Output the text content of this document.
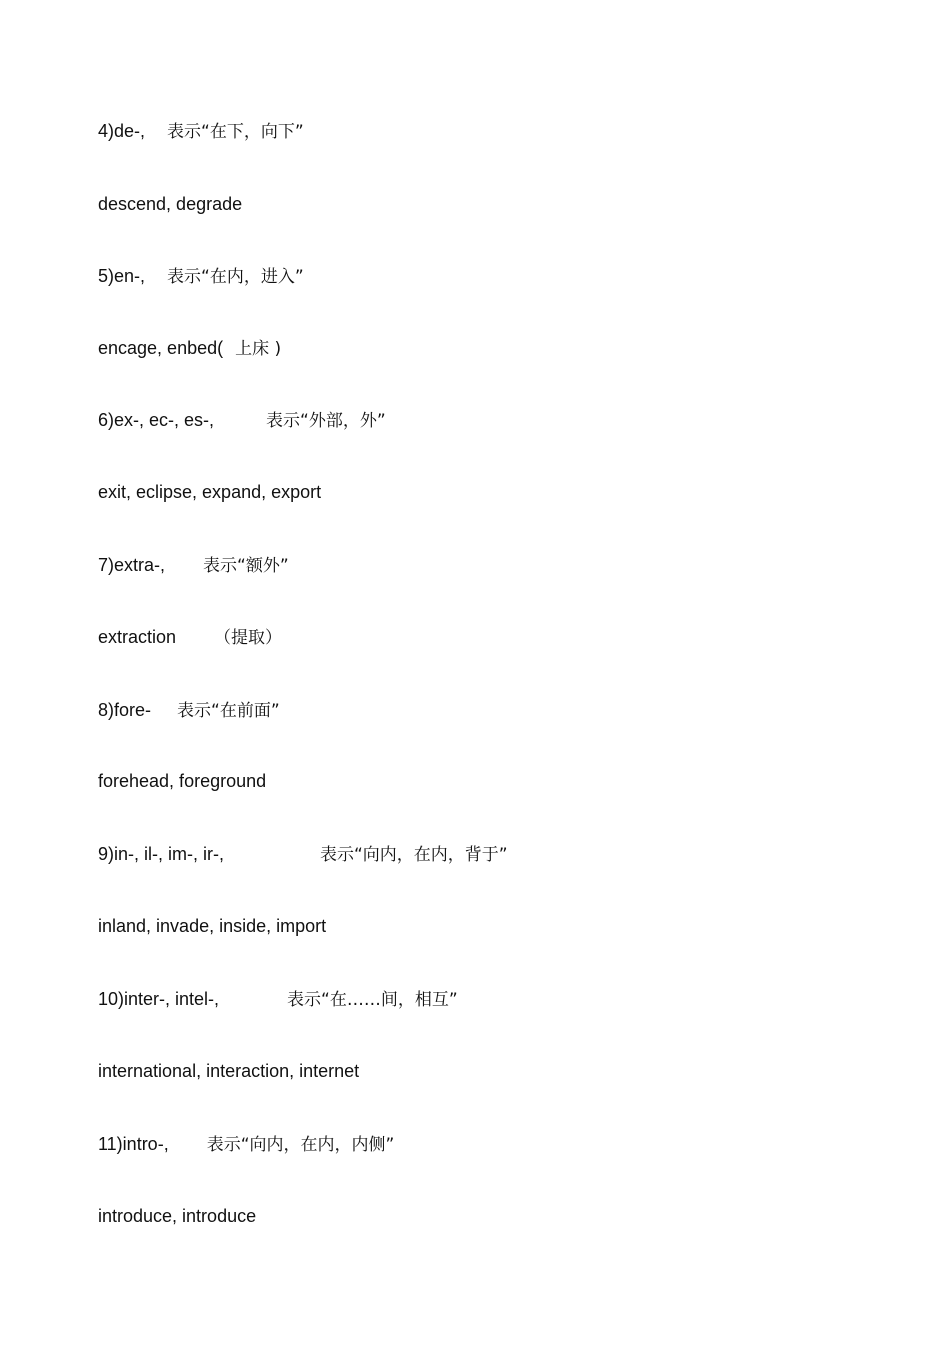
4)de-, 表示“在下，向下”
descend, degrade
5)en-, 表示“在内，进入”
encage, enbed( 上床 )
6)ex-, ec-, es-,	表示“外部，外”
exit, eclipse, expand, export
7)extra-, 表示“额外”
extraction （提取）
8)fore- 表示“在前面”
forehead, foreground
9)in-, il-, im-, ir-,	表示“向内，在内，背于”
inland, invade, inside, import
10)inter-, intel-,	表示“在……间，相互”
international, interaction, internet
11)intro-, 表示“向内，在内，内侧”
introduce, introduce
